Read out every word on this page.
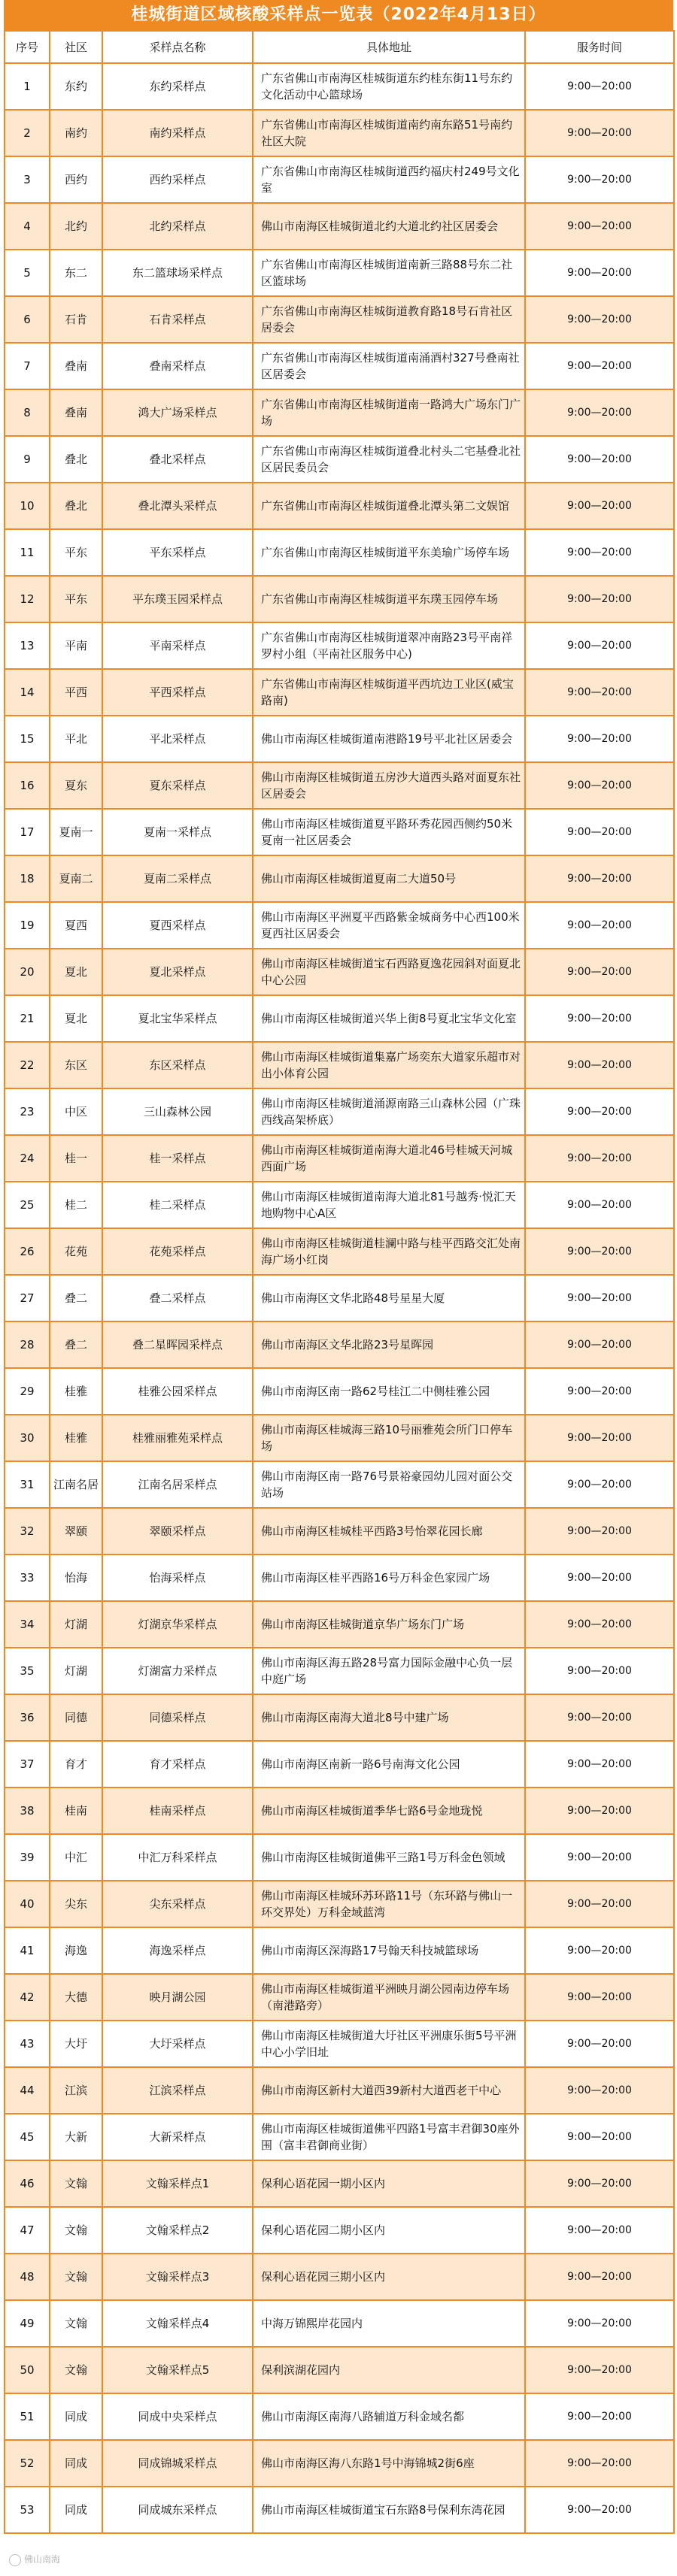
桂城街道区域核酸采样点一览表（2022年4月13日）
序号	社区	采样点名称	具体地址	服务时间
1	东约	东约采样点	广东省佛山市南海区桂城街道东约桂东街11号东约文化活动中心篮球场	9:00—20:00
2	南约	南约采样点	广东省佛山市南海区桂城街道南约南东路51号南约社区大院	9:00—20:00
3	西约	西约采样点	广东省佛山市南海区桂城街道西约福庆村249号文化室	9:00—20:00
4	北约	北约采样点	佛山市南海区桂城街道北约大道北约社区居委会	9:00—20:00
5	东二	东二篮球场采样点	广东省佛山市南海区桂城街道南新三路88号东二社区篮球场	9:00—20:00
6	石肯	石肯采样点	广东省佛山市南海区桂城街道教育路18号石肯社区居委会	9:00—20:00
7	叠南	叠南采样点	广东省佛山市南海区桂城街道南涌酒村327号叠南社区居委会	9:00—20:00
8	叠南	鸿大广场采样点	广东省佛山市南海区桂城街道南一路鸿大广场东门广场	9:00—20:00
9	叠北	叠北采样点	广东省佛山市南海区桂城街道叠北村头二宅基叠北社区居民委员会	9:00—20:00
10	叠北	叠北潭头采样点	广东省佛山市南海区桂城街道叠北潭头第二文娱馆	9:00—20:00
11	平东	平东采样点	广东省佛山市南海区桂城街道平东美瑜广场停车场	9:00—20:00
12	平东	平东璞玉园采样点	广东省佛山市南海区桂城街道平东璞玉园停车场	9:00—20:00
13	平南	平南采样点	广东省佛山市南海区桂城街道翠冲南路23号平南祥罗村小组（平南社区服务中心)	9:00—20:00
14	平西	平西采样点	广东省佛山市南海区桂城街道平西坑边工业区(威宝路南)	9:00—20:00
15	平北	平北采样点	佛山市南海区桂城街道南港路19号平北社区居委会	9:00—20:00
16	夏东	夏东采样点	佛山市南海区桂城街道五房沙大道西头路对面夏东社区居委会	9:00—20:00
17	夏南一	夏南一采样点	佛山市南海区桂城街道夏平路环秀花园西侧约50米夏南一社区居委会	9:00—20:00
18	夏南二	夏南二采样点	佛山市南海区桂城街道夏南二大道50号	9:00—20:00
19	夏西	夏西采样点	佛山市南海区平洲夏平西路紫金城商务中心西100米夏西社区居委会	9:00—20:00
20	夏北	夏北采样点	佛山市南海区桂城街道宝石西路夏逸花园斜对面夏北中心公园	9:00—20:00
21	夏北	夏北宝华采样点	佛山市南海区桂城街道兴华上街8号夏北宝华文化室	9:00—20:00
22	东区	东区采样点	佛山市南海区桂城街道集嘉广场奕东大道家乐超市对出小体育公园	9:00—20:00
23	中区	三山森林公园	佛山市南海区桂城街道涌源南路三山森林公园（广珠西线高架桥底）	9:00—20:00
24	桂一	桂一采样点	佛山市南海区桂城街道南海大道北46号桂城天河城西面广场	9:00—20:00
25	桂二	桂二采样点	佛山市南海区桂城街道南海大道北81号越秀·悦汇天地购物中心A区	9:00—20:00
26	花苑	花苑采样点	佛山市南海区桂城街道桂澜中路与桂平西路交汇处南海广场小红岗	9:00—20:00
27	叠二	叠二采样点	佛山市南海区文华北路48号星星大厦	9:00—20:00
28	叠二	叠二星晖园采样点	佛山市南海区文华北路23号星晖园	9:00—20:00
29	桂雅	桂雅公园采样点	佛山市南海区南一路62号桂江二中侧桂雅公园	9:00—20:00
30	桂雅	桂雅丽雅苑采样点	佛山市南海区桂城海三路10号丽雅苑会所门口停车场	9:00—20:00
31	江南名居	江南名居采样点	佛山市南海区南一路76号景裕豪园幼儿园对面公交站场	9:00—20:00
32	翠颐	翠颐采样点	佛山市南海区桂城桂平西路3号怡翠花园长廊	9:00—20:00
33	怡海	怡海采样点	佛山市南海区桂平西路16号万科金色家园广场	9:00—20:00
34	灯湖	灯湖京华采样点	佛山市南海区桂城街道京华广场东门广场	9:00—20:00
35	灯湖	灯湖富力采样点	佛山市南海区海五路28号富力国际金融中心负一层中庭广场	9:00—20:00
36	同德	同德采样点	佛山市南海区南海大道北8号中建广场	9:00—20:00
37	育才	育才采样点	佛山市南海区南新一路6号南海文化公园	9:00—20:00
38	桂南	桂南采样点	佛山市南海区桂城街道季华七路6号金地珑悦	9:00—20:00
39	中汇	中汇万科采样点	佛山市南海区桂城街道佛平三路1号万科金色领域	9:00—20:00
40	尖东	尖东采样点	佛山市南海区桂城环苏环路11号（东环路与佛山一环交界处）万科金域蓝湾	9:00—20:00
41	海逸	海逸采样点	佛山市南海区深海路17号翰天科技城篮球场	9:00—20:00
42	大德	映月湖公园	佛山市南海区桂城街道平洲映月湖公园南边停车场（南港路旁）	9:00—20:00
43	大圩	大圩采样点	佛山市南海区桂城街道大圩社区平洲康乐街5号平洲中心小学旧址	9:00—20:00
44	江滨	江滨采样点	佛山市南海区新村大道西39新村大道西老干中心	9:00—20:00
45	大新	大新采样点	佛山市南海区桂城街道佛平四路1号富丰君御30座外围（富丰君御商业街）	9:00—20:00
46	文翰	文翰采样点1	保利心语花园一期小区内	9:00—20:00
47	文翰	文翰采样点2	保利心语花园二期小区内	9:00—20:00
48	文翰	文翰采样点3	保利心语花园三期小区内	9:00—20:00
49	文翰	文翰采样点4	中海万锦熙岸花园内	9:00—20:00
50	文翰	文翰采样点5	保利滨湖花园内	9:00—20:00
51	同成	同成中央采样点	佛山市南海区南海八路辅道万科金域名都	9:00—20:00
52	同成	同成锦城采样点	佛山市南海区海八东路1号中海锦城2街6座	9:00—20:00
53	同成	同成城东采样点	佛山市南海区桂城街道宝石东路8号保利东湾花园	9:00—20:00
佛山南海
